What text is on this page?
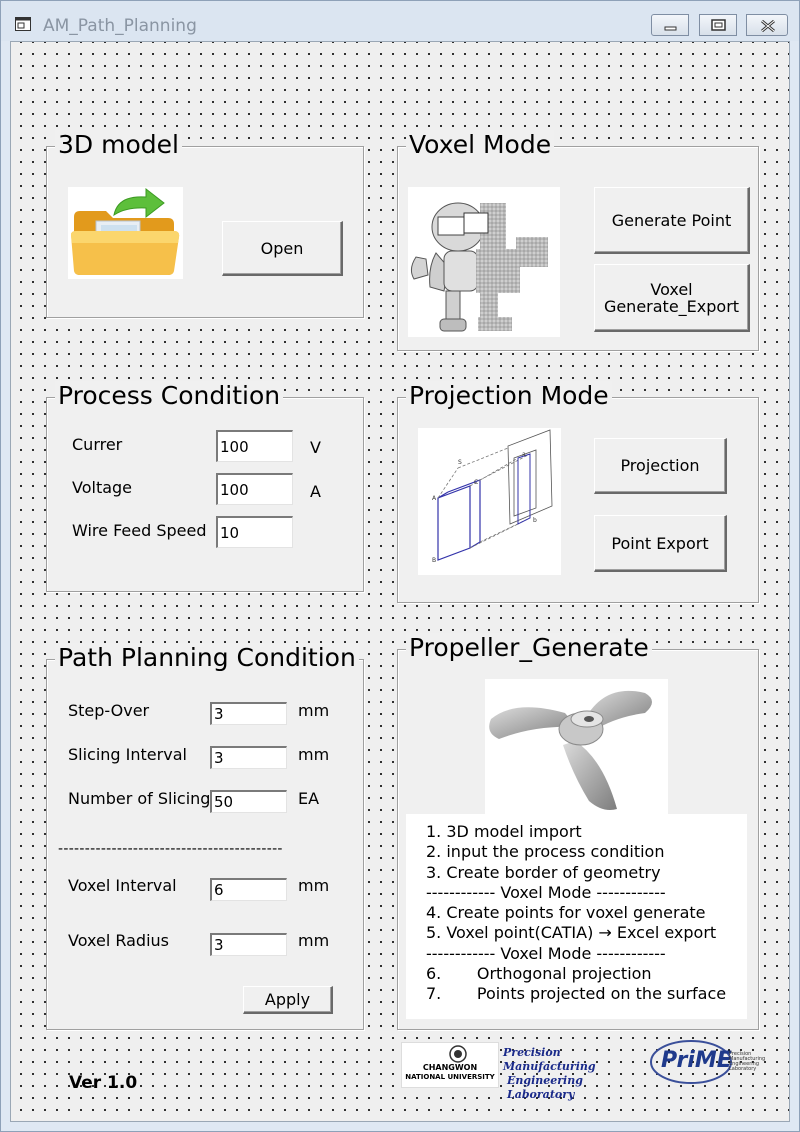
AM_Path_Planning
3D model
Open
Voxel Mode
Generate Point
Voxel
Generate_Export
Process Condition
Currer
100	V
Voltage
100	A
Wire Feed Speed
10
Projection Mode
A
B
C
a
b
S	Projection
Point Export
Path Planning Condition
Step-Over
3	mm
Slicing Interval
3	mm
Number of Slicing
50	EA
------------------------------------------
Voxel Interval
6	mm
Voxel Radius
3	mm
Apply
Propeller_Generate
1. 3D model import
2. input the process condition
3. Create border of geometry
------------ Voxel Mode ------------
4. Create points for voxel generate
5. Voxel point(CATIA) → Excel export
------------ Voxel Mode ------------
6.       Orthogonal projection
7.       Points projected on the surface
Ver 1.0
CHANGWON
NATIONAL UNIVERSITY
Precision Manufacturing
Engineering Laboratory
PriME
Precision
Manufacturing
Engineering
Laboratory
